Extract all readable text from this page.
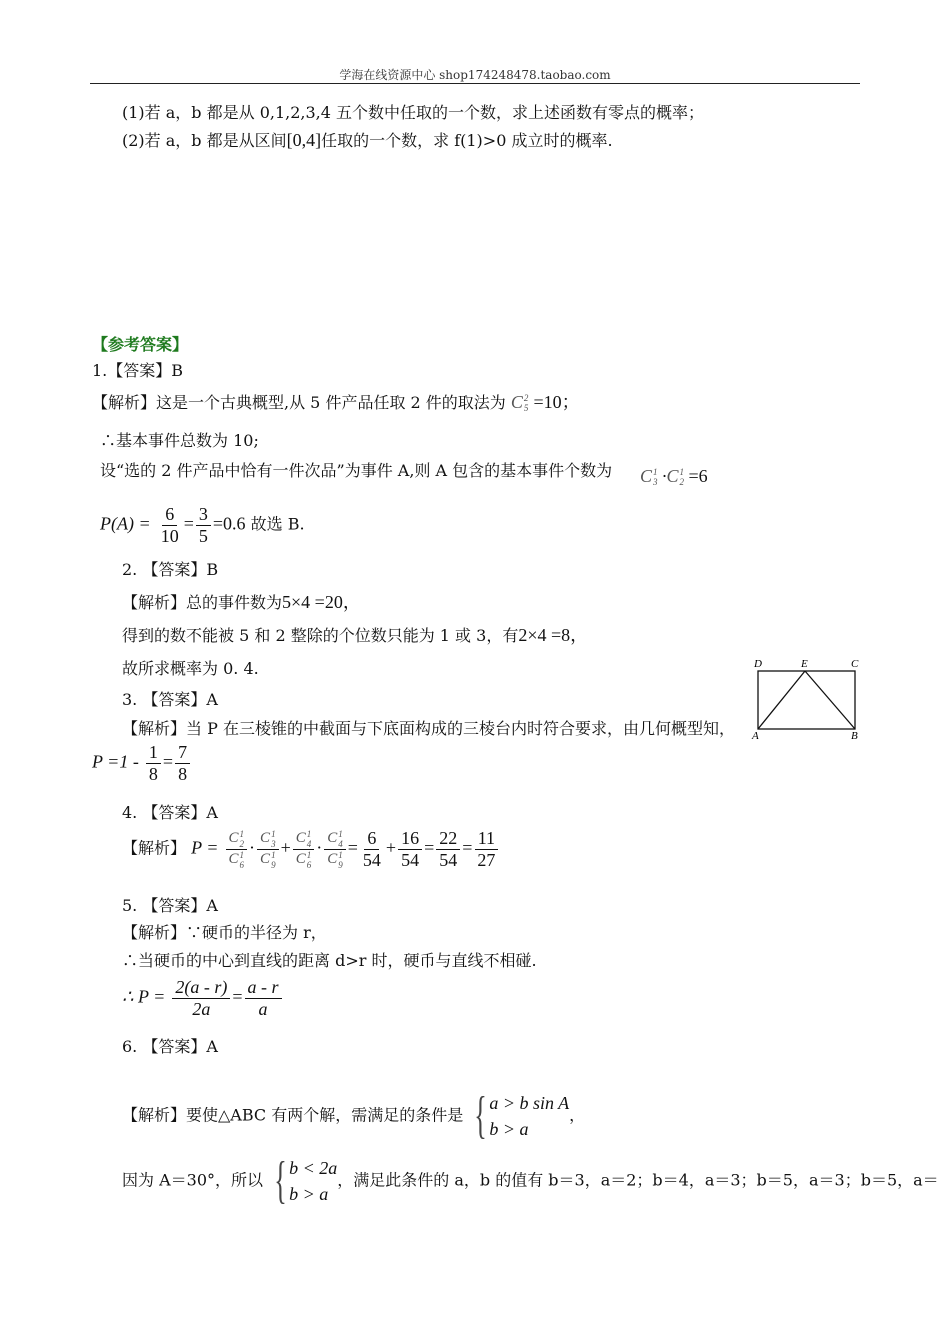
学海在线资源中心 shop174248478.taobao.com
(1)若 a，b 都是从 0,1,2,3,4 五个数中任取的一个数，求上述函数有零点的概率；
(2)若 a，b 都是从区间[0,4]任取的一个数，求 f(1)>0 成立时的概率.
【参考答案】
1.【答案】B
【解析】这是一个古典概型,从 5 件产品任取 2 件的取法为 C 2
5 =10；
∴基本事件总数为 10;
设“选的 2 件产品中恰有一件次品”为事件 A,则 A 包含的基本事件个数为 C 1
3 · C 1
2 =6
$P(A) = \frac{6}{10} = \frac{3}{5} =0.6$ 故选 B.
2. 【答案】B
【解析】总的事件数为5×4 =20，
得到的数不能被 5 和 2 整除的个位数只能为 1 或 3，有2×4 =8，
故所求概率为 0. 4.	D	E	C
A	B
3. 【答案】A
【解析】当 P 在三棱锥的中截面与下底面构成的三棱台内时符合要求，由几何概型知，
$P =1 - \frac{1}{8} = \frac{7}{8}$
4. 【答案】A
【解析】 P = C 1
2
C 1
6 · C 1
3
C 1
9 + C 1
4
C 1
6 · C 1
4
C 1
$9 = \frac{6}{54} + \frac{16}{54} = \frac{22}{54} = \frac{11}{27}$
5. 【答案】A
【解析】∵硬币的半径为 r，
∴当硬币的中心到直线的距离 d>r 时，硬币与直线不相碰.
∴ $P = \frac{2(a - r)}{2a} = \frac{a - r}{a}$
6. 【答案】A
【解析】要使△ABC 有两个解，需满足的条件是 { a > b sin A
b > a
，
因为 A＝30°，所以 { b < 2a
b > a
，满足此条件的 a，b 的值有 b＝3，a＝2；b＝4，a＝3；b＝5，a＝3；b＝5，a＝
